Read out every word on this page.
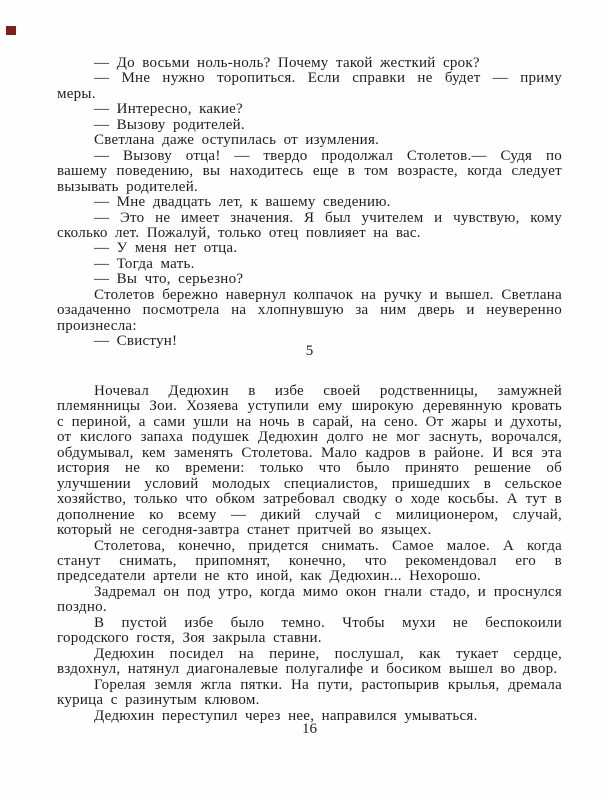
— До восьми ноль-ноль? Почему такой жесткий срок?

— Мне нужно торопиться. Если справки не будет — приму меры.

— Интересно, какие?

— Вызову родителей.

Светлана даже оступилась от изумления.

— Вызову отца! — твердо продолжал Столетов.— Судя по вашему поведению, вы находитесь еще в том возрасте, когда следует вызывать родителей.

— Мне двадцать лет, к вашему сведению.

— Это не имеет значения. Я был учителем и чувствую, кому сколько лет. Пожалуй, только отец повлияет на вас.

— У меня нет отца.

— Тогда мать.

— Вы что, серьезно?

Столетов бережно навернул колпачок на ручку и вышел. Светлана озадаченно посмотрела на хлопнувшую за ним дверь и неуверенно произнесла:

— Свистун!

5

Ночевал Дедюхин в избе своей родственницы, замужней племянницы Зои. Хозяева уступили ему широкую деревянную кровать с периной, а сами ушли на ночь в сарай, на сено. От жары и духоты, от кислого запаха подушек Дедюхин долго не мог заснуть, ворочался, обдумывал, кем заменять Столетова. Мало кадров в районе. И вся эта история не ко времени: только что было принято решение об улучшении условий молодых специалистов, пришедших в сельское хозяйство, только что обком затребовал сводку о ходе косьбы. А тут в дополнение ко всему — дикий случай с милиционером, случай, который не сегодня-завтра станет притчей во языцех.

Столетова, конечно, придется снимать. Самое малое. А когда станут снимать, припомнят, конечно, что рекомендовал его в председатели артели не кто иной, как Дедюхин... Нехорошо.

Задремал он под утро, когда мимо окон гнали стадо, и проснулся поздно.

В пустой избе было темно. Чтобы мухи не беспокоили городского гостя, Зоя закрыла ставни.

Дедюхин посидел на перине, послушал, как тукает сердце, вздохнул, натянул диагоналевые полугалифе и босиком вышел во двор.

Горелая земля жгла пятки. На пути, растопырив крылья, дремала курица с разинутым клювом.

Дедюхин переступил через нее, направился умываться.

16
